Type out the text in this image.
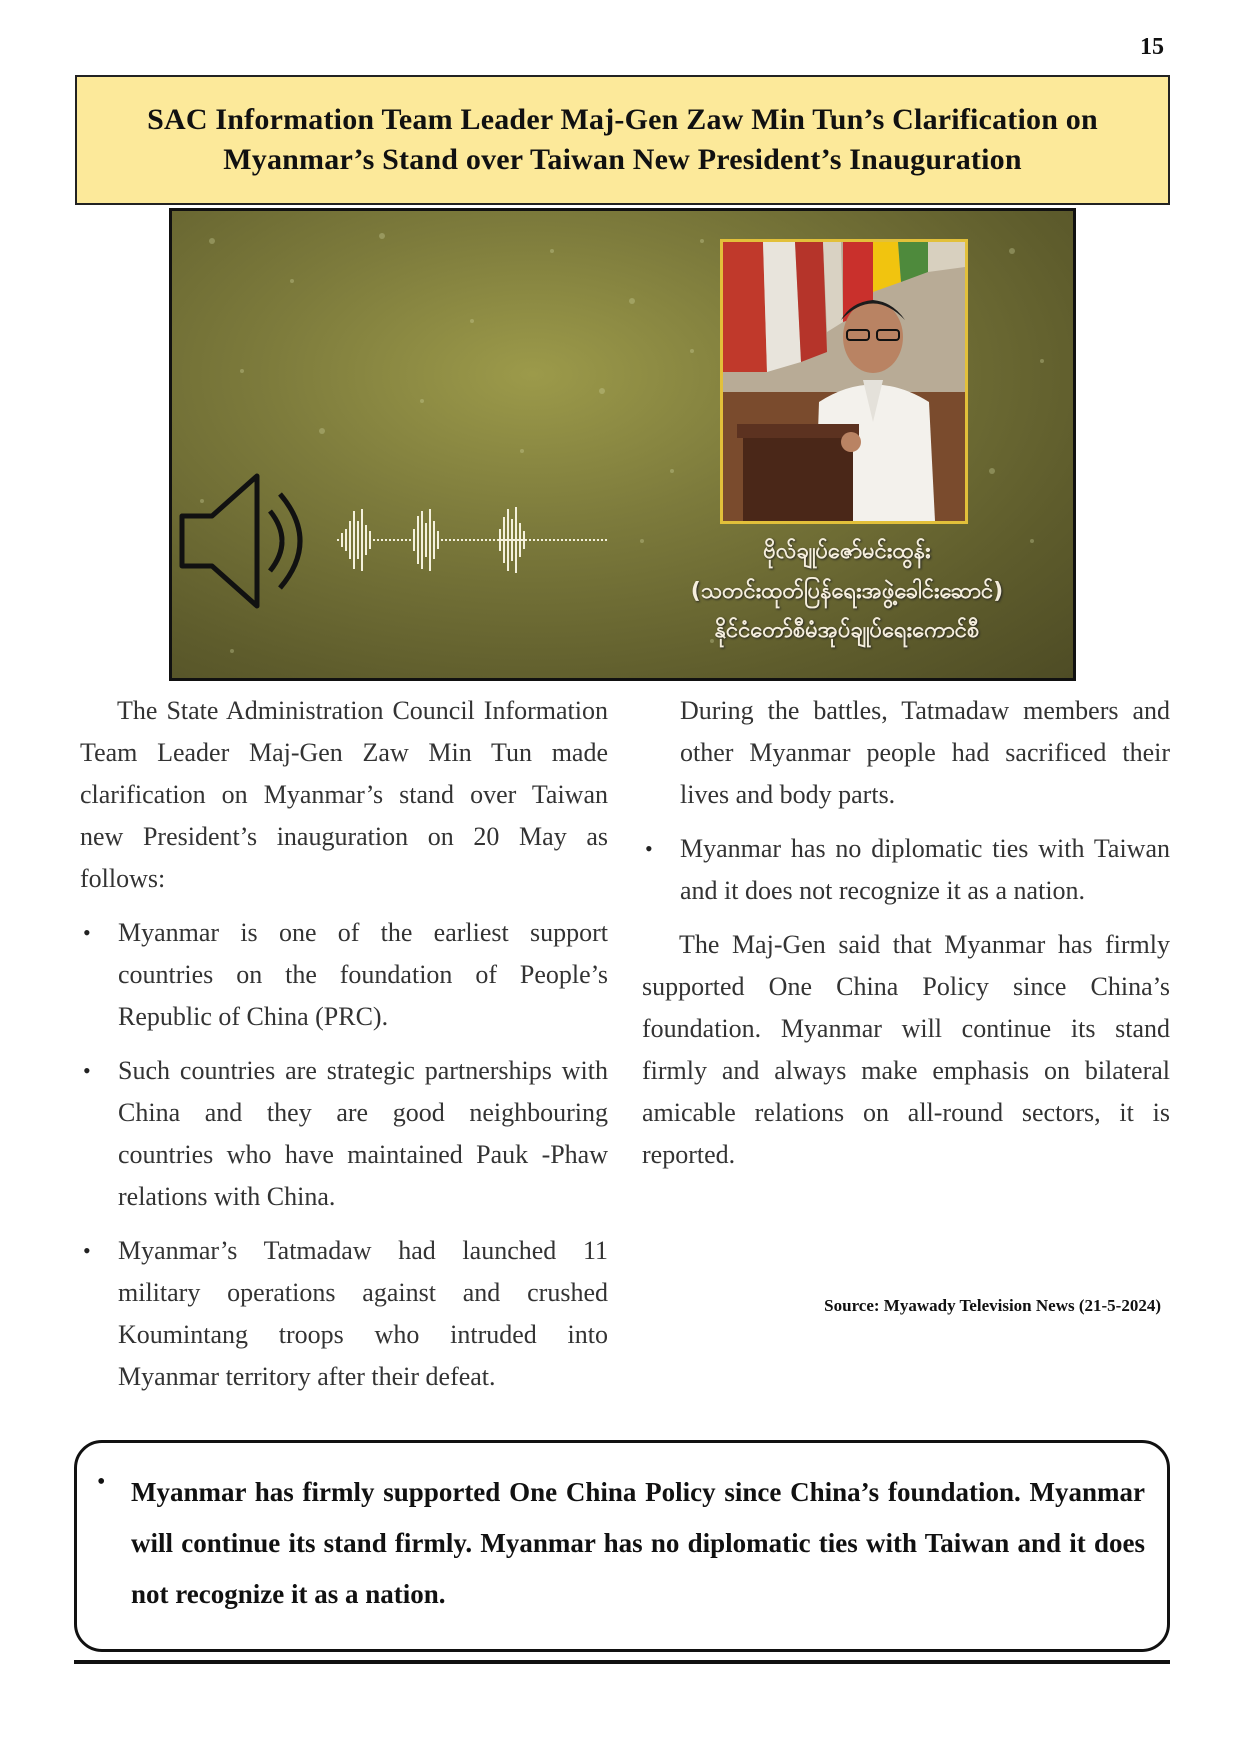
15
SAC Information Team Leader Maj-Gen Zaw Min Tun’s Clarification on
Myanmar’s Stand over Taiwan New President’s Inauguration
ဗိုလ်ချုပ်ဇော်မင်းထွန်း
(သတင်းထုတ်ပြန်ရေးအဖွဲ့ခေါင်းဆောင်)
နိုင်ငံတော်စီမံအုပ်ချုပ်ရေးကောင်စီ

The State Administration Council Information Team Leader Maj-Gen Zaw Min Tun made clarification on Myanmar’s stand over Taiwan new President’s inauguration on 20 May as follows:

• Myanmar is one of the earliest support countries on the foundation of People’s Republic of China (PRC).
• Such countries are strategic partnerships with China and they are good neighbouring countries who have maintained Pauk -Phaw relations with China.
• Myanmar’s Tatmadaw had launched 11 military operations against and crushed Koumintang troops who intruded into Myanmar territory after their defeat.

During the battles, Tatmadaw members and other Myanmar people had sacrificed their lives and body parts.

• Myanmar has no diplomatic ties with Taiwan and it does not recognize it as a nation.

The Maj-Gen said that Myanmar has firmly supported One China Policy since China’s foundation. Myanmar will continue its stand firmly and always make emphasis on bilateral amicable relations on all-round sectors, it is reported.

Source: Myawady Television News (21-5-2024)
• Myanmar has firmly supported One China Policy since China’s foundation. Myanmar will continue its stand firmly. Myanmar has no diplomatic ties with Taiwan and it does not recognize it as a nation.
